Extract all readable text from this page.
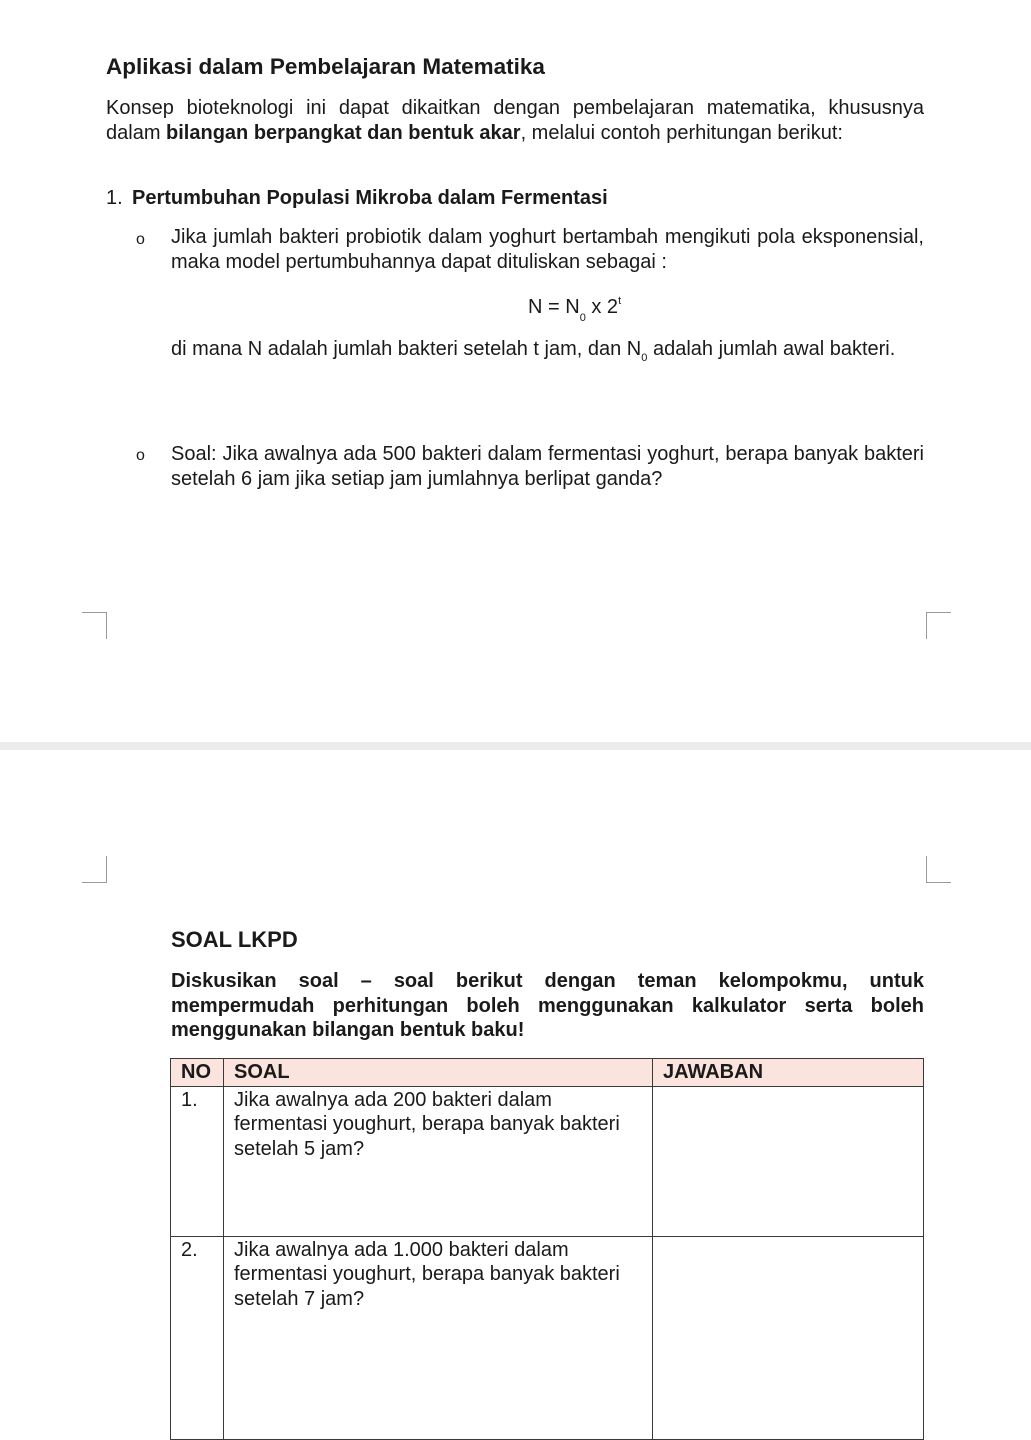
Aplikasi dalam Pembelajaran Matematika
Konsep bioteknologi ini dapat dikaitkan dengan pembelajaran matematika, khususnya dalam bilangan berpangkat dan bentuk akar, melalui contoh perhitungan berikut:
1. Pertumbuhan Populasi Mikroba dalam Fermentasi
o Jika jumlah bakteri probiotik dalam yoghurt bertambah mengikuti pola eksponensial, maka model pertumbuhannya dapat dituliskan sebagai :
$N = N_0$ x 2$^t$
di mana N adalah jumlah bakteri setelah t jam, dan $N_0$ adalah jumlah awal bakteri.
o Soal: Jika awalnya ada 500 bakteri dalam fermentasi yoghurt, berapa banyak bakteri setelah 6 jam jika setiap jam jumlahnya berlipat ganda?
SOAL LKPD
Diskusikan soal – soal berikut dengan teman kelompokmu, untuk mempermudah perhitungan boleh menggunakan kalkulator serta boleh menggunakan bilangan bentuk baku!
NO	SOAL	JAWABAN
1.	Jika awalnya ada 200 bakteri dalam fermentasi youghurt, berapa banyak bakteri setelah 5 jam?	
2.	Jika awalnya ada 1.000 bakteri dalam fermentasi youghurt, berapa banyak bakteri setelah 7 jam?	
